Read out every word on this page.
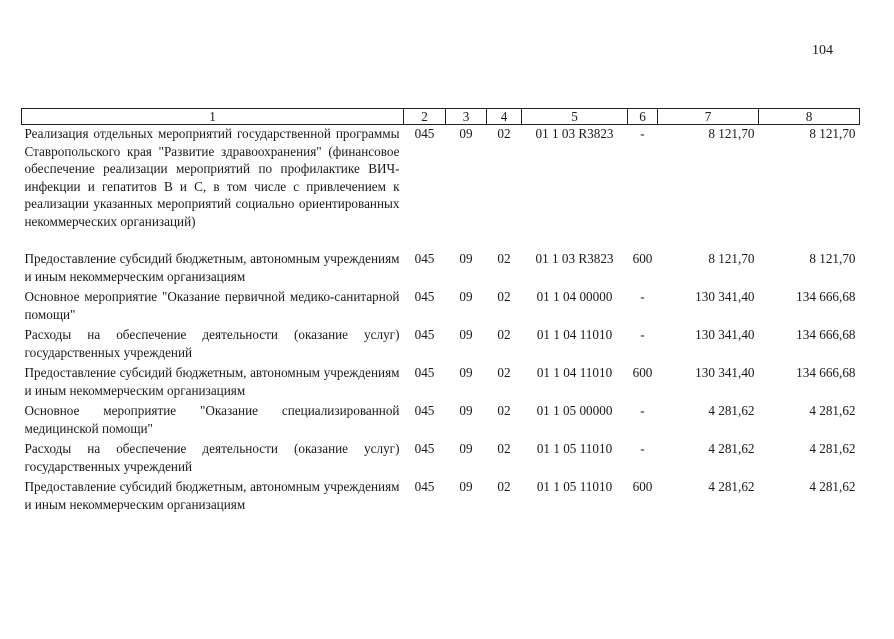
104
1	2	3	4	5	6	7	8
Реализация отдельных мероприятий государственной программы Ставропольского края "Развитие здравоохранения" (финансовое обеспечение реализации мероприятий по профилактике ВИЧ-инфекции и гепатитов В и С, в том числе с привлечением к реализации указанных мероприятий социально ориентированных некоммерческих организаций)	045	09	02	01 1 03 R3823	-	8 121,70	8 121,70
Предоставление субсидий бюджетным, автономным учреждениям и иным некоммерческим организациям	045	09	02	01 1 03 R3823	600	8 121,70	8 121,70

Основное мероприятие "Оказание первичной медико-санитарной помощи"	045	09	02	01 1 04 00000	-	130 341,40	134 666,68

Расходы на обеспечение деятельности (оказание услуг) государственных учреждений	045	09	02	01 1 04 11010	-	130 341,40	134 666,68

Предоставление субсидий бюджетным, автономным учреждениям и иным некоммерческим организациям	045	09	02	01 1 04 11010	600	130 341,40	134 666,68

Основное мероприятие "Оказание специализированной медицинской помощи"	045	09	02	01 1 05 00000	-	4 281,62	4 281,62

Расходы на обеспечение деятельности (оказание услуг) государственных учреждений	045	09	02	01 1 05 11010	-	4 281,62	4 281,62

Предоставление субсидий бюджетным, автономным учреждениям и иным некоммерческим организациям	045	09	02	01 1 05 11010	600	4 281,62	4 281,62
